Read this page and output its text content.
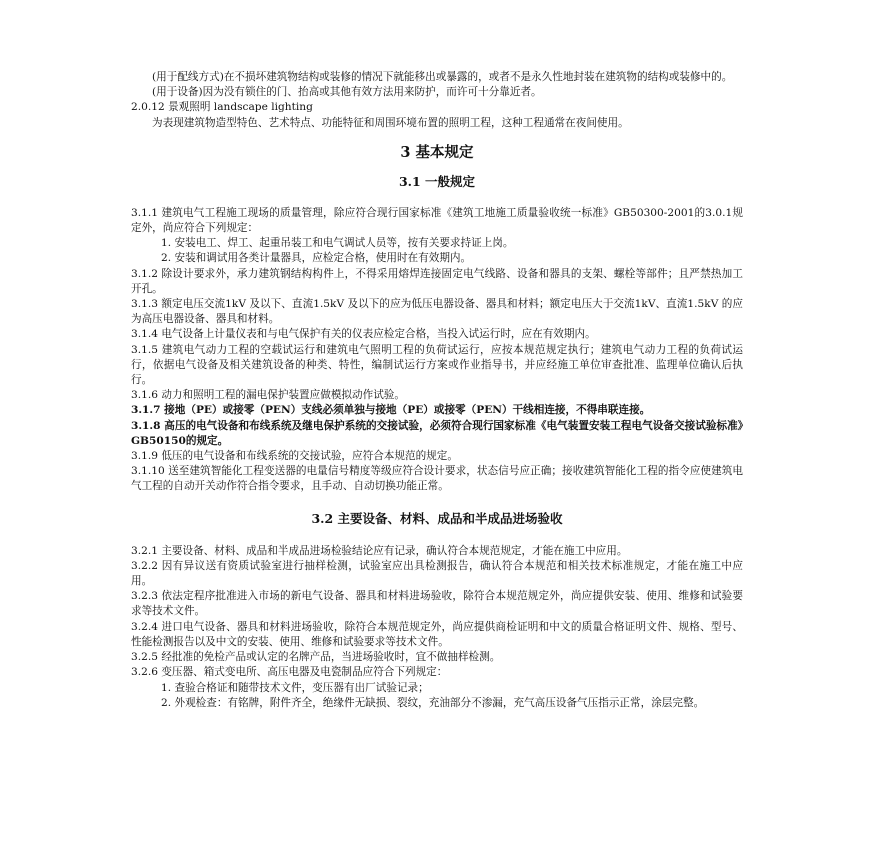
(用于配线方式)在不损坏建筑物结构或装修的情况下就能移出或暴露的，或者不是永久性地封装在建筑物的结构或装修中的。

(用于设备)因为没有锁住的门、抬高或其他有效方法用来防护，而许可十分靠近者。

2.0.12 景观照明 landscape lighting

为表现建筑物造型特色、艺术特点、功能特征和周围环境布置的照明工程，这种工程通常在夜间使用。

3 基本规定
3.1 一般规定

3.1.1 建筑电气工程施工现场的质量管理，除应符合现行国家标准《建筑工地施工质量验收统一标准》GB50300-2001的3.0.1规定外，尚应符合下列规定：

1. 安装电工、焊工、起重吊装工和电气调试人员等，按有关要求持证上岗。

2. 安装和调试用各类计量器具，应检定合格，使用时在有效期内。

3.1.2 除设计要求外，承力建筑钢结构构件上，不得采用熔焊连接固定电气线路、设备和器具的支架、螺栓等部件；且严禁热加工开孔。

3.1.3 额定电压交流1kV 及以下、直流1.5kV 及以下的应为低压电器设备、器具和材料；额定电压大于交流1kV、直流1.5kV 的应为高压电器设备、器具和材料。

3.1.4 电气设备上计量仪表和与电气保护有关的仪表应检定合格，当投入试运行时，应在有效期内。

3.1.5 建筑电气动力工程的空载试运行和建筑电气照明工程的负荷试运行，应按本规范规定执行；建筑电气动力工程的负荷试运行，依据电气设备及相关建筑设备的种类、特性，编制试运行方案或作业指导书，并应经施工单位审查批准、监理单位确认后执行。

3.1.6 动力和照明工程的漏电保护装置应做模拟动作试验。

3.1.7 接地（PE）或接零（PEN）支线必须单独与接地（PE）或接零（PEN）干线相连接，不得串联连接。

3.1.8 高压的电气设备和布线系统及继电保护系统的交接试验，必须符合现行国家标准《电气装置安装工程电气设备交接试验标准》GB50150的规定。

3.1.9 低压的电气设备和布线系统的交接试验，应符合本规范的规定。

3.1.10 送至建筑智能化工程变送器的电量信号精度等级应符合设计要求，状态信号应正确；接收建筑智能化工程的指令应使建筑电气工程的自动开关动作符合指令要求，且手动、自动切换功能正常。

3.2 主要设备、材料、成品和半成品进场验收

3.2.1 主要设备、材料、成品和半成品进场检验结论应有记录，确认符合本规范规定，才能在施工中应用。

3.2.2 因有异议送有资质试验室进行抽样检测，试验室应出具检测报告，确认符合本规范和相关技术标准规定，才能在施工中应用。

3.2.3 依法定程序批准进入市场的新电气设备、器具和材料进场验收，除符合本规范规定外，尚应提供安装、使用、维修和试验要求等技术文件。

3.2.4 进口电气设备、器具和材料进场验收，除符合本规范规定外，尚应提供商检证明和中文的质量合格证明文件、规格、型号、性能检测报告以及中文的安装、使用、维修和试验要求等技术文件。

3.2.5 经批准的免检产品或认定的名牌产品，当进场验收时，宜不做抽样检测。

3.2.6 变压器、箱式变电所、高压电器及电瓷制品应符合下列规定：

1. 查验合格证和随带技术文件，变压器有出厂试验记录；

2. 外观检查：有铭牌，附件齐全，绝缘件无缺损、裂纹，充油部分不渗漏，充气高压设备气压指示正常，涂层完整。
